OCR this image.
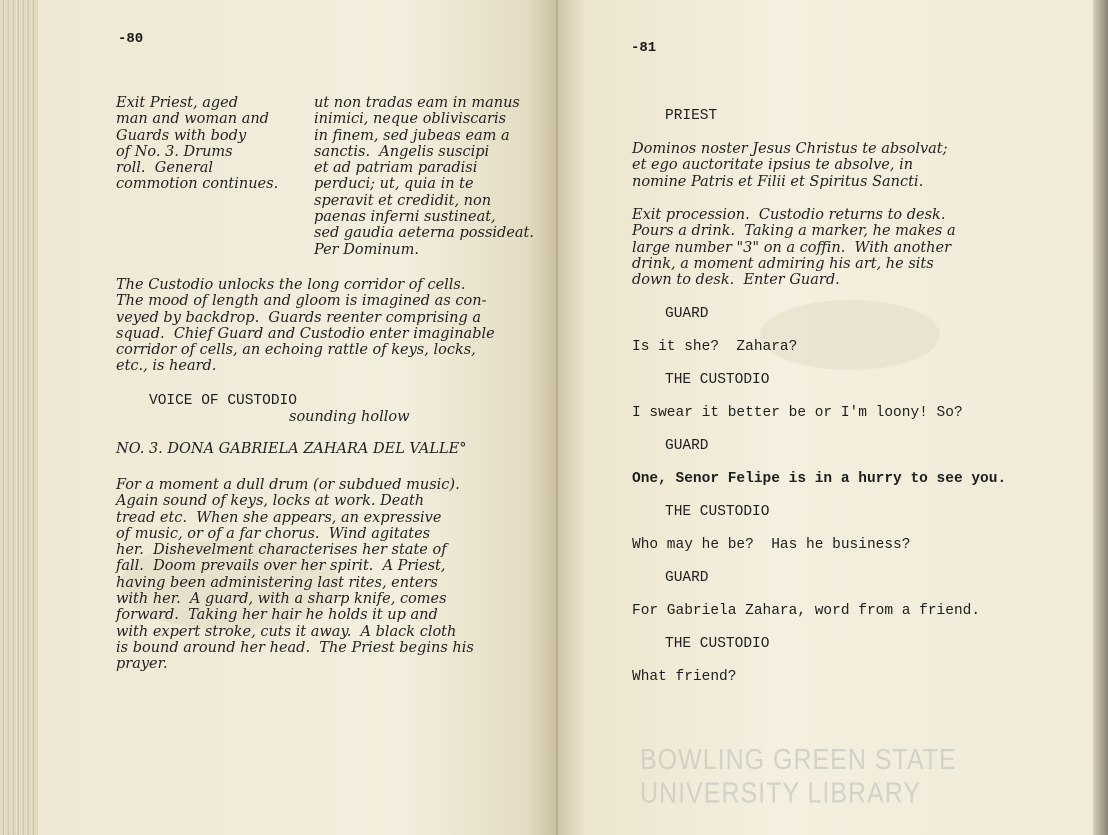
BOWLING GREEN STATE UNIVERSITY LIBRARY
-80
Exit Priest, aged
man and woman and
Guards with body
of No. 3. Drums
roll.  General
commotion continues.
ut non tradas eam in manus
inimici, neque obliviscaris
in finem, sed jubeas eam a
sanctis.  Angelis suscipi
et ad patriam paradisi
perduci; ut, quia in te
speravit et credidit, non
paenas inferni sustineat,
sed gaudia aeterna possideat.
Per Dominum.
The Custodio unlocks the long corridor of cells.
The mood of length and gloom is imagined as con-
veyed by backdrop.  Guards reenter comprising a
squad.  Chief Guard and Custodio enter imaginable
corridor of cells, an echoing rattle of keys, locks,
etc., is heard.
VOICE OF CUSTODIO
sounding hollow
NO. 3. DONA GABRIELA ZAHARA DEL VALLE°
For a moment a dull drum (or subdued music).
Again sound of keys, locks at work. Death
tread etc.  When she appears, an expressive
of music, or of a far chorus.  Wind agitates
her.  Dishevelment characterises her state of
fall.  Doom prevails over her spirit.  A Priest,
having been administering last rites, enters
with her.  A guard, with a sharp knife, comes
forward.  Taking her hair he holds it up and
with expert stroke, cuts it away.  A black cloth
is bound around her head.  The Priest begins his
prayer.
-81
PRIEST
Dominos noster Jesus Christus te absolvat;
et ego auctoritate ipsius te absolve, in
nomine Patris et Filii et Spiritus Sancti.
Exit procession.  Custodio returns to desk.
Pours a drink.  Taking a marker, he makes a
large number "3" on a coffin.  With another
drink, a moment admiring his art, he sits
down to desk.  Enter Guard.
GUARD
Is it she?  Zahara?
THE CUSTODIO
I swear it better be or I'm loony! So?
GUARD
One, Senor Felipe is in a hurry to see you.
THE CUSTODIO
Who may he be?  Has he business?
GUARD
For Gabriela Zahara, word from a friend.
THE CUSTODIO
What friend?
